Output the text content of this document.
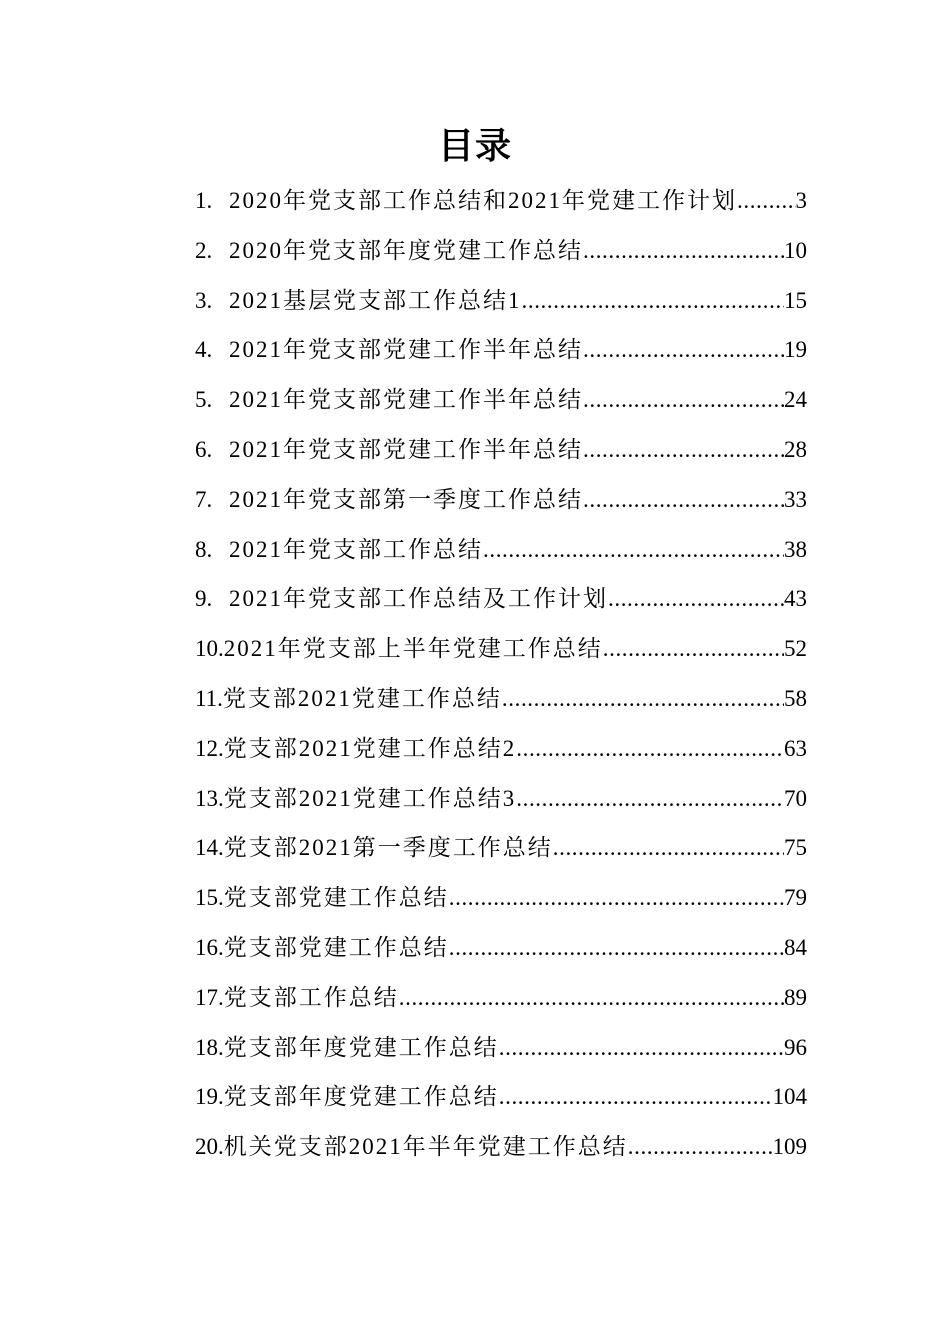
目录
1. 2020年党支部工作总结和2021年党建工作计划 .....	3
2. 2020年党支部年度党建工作总结 .....	10
3. 2021基层党支部工作总结1 .....	15
4. 2021年党支部党建工作半年总结 .....	19
5. 2021年党支部党建工作半年总结 .....	24
6. 2021年党支部党建工作半年总结 .....	28
7. 2021年党支部第一季度工作总结 .....	33
8. 2021年党支部工作总结 .....	38
9. 2021年党支部工作总结及工作计划 .....	43
10. 2021年党支部上半年党建工作总结 .....	52
11. 党支部2021党建工作总结 .....	58
12. 党支部2021党建工作总结2 .....	63
13. 党支部2021党建工作总结3 .....	70
14. 党支部2021第一季度工作总结 .....	75
15. 党支部党建工作总结 .....	79
16. 党支部党建工作总结 .....	84
17. 党支部工作总结 .....	89
18. 党支部年度党建工作总结 .....	96
19. 党支部年度党建工作总结 .....	104
20. 机关党支部2021年半年党建工作总结 .....	109
